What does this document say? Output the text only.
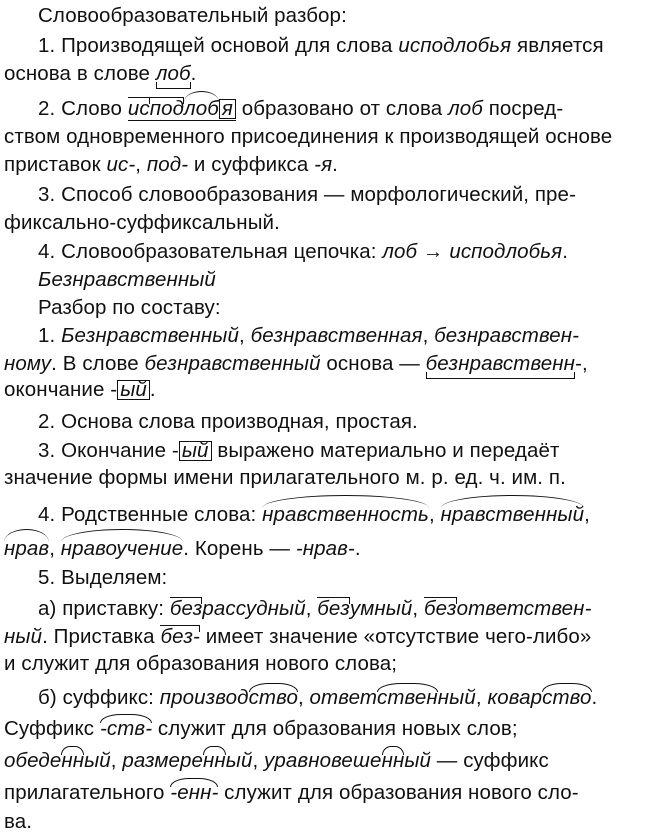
Словообразовательный разбор:
1. Производящей основой для слова исподлобья является
основа в слове лоб.
2. Слово исподлоб я образовано от слова лоб посред-
ством одновременного присоединения к производящей основе
приставок ис-, под- и суффикса -я.
3. Способ словообразования — морфологический, пре-
фиксально-суффиксальный.
4. Словообразовательная цепочка: лоб → исподлобья.
Безнравственный
Разбор по составу:
1. Безнравственный, безнравственная, безнравствен-
ному. В слове безнравственный основа — безнравственн-,
окончание - ый .
2. Основа слова производная, простая.
3. Окончание - ый выражено материально и передаёт
значение формы имени прилагательного м. р. ед. ч. им. п.
4. Родственные слова: нравственность, нравственный,
нрав, нравоучение. Корень — -нрав-.
5. Выделяем:
а) приставку: безрассудный, безумный, безответствен-
ный. Приставка без- имеет значение «отсутствие чего-либо»
и служит для образования нового слова;
б) суффикс: производство, ответственный, коварство.
Суффикс -ств- служит для образования новых слов;
обеденный, размеренный, уравновешенный — суффикс
прилагательного -енн- служит для образования нового сло-
ва.
